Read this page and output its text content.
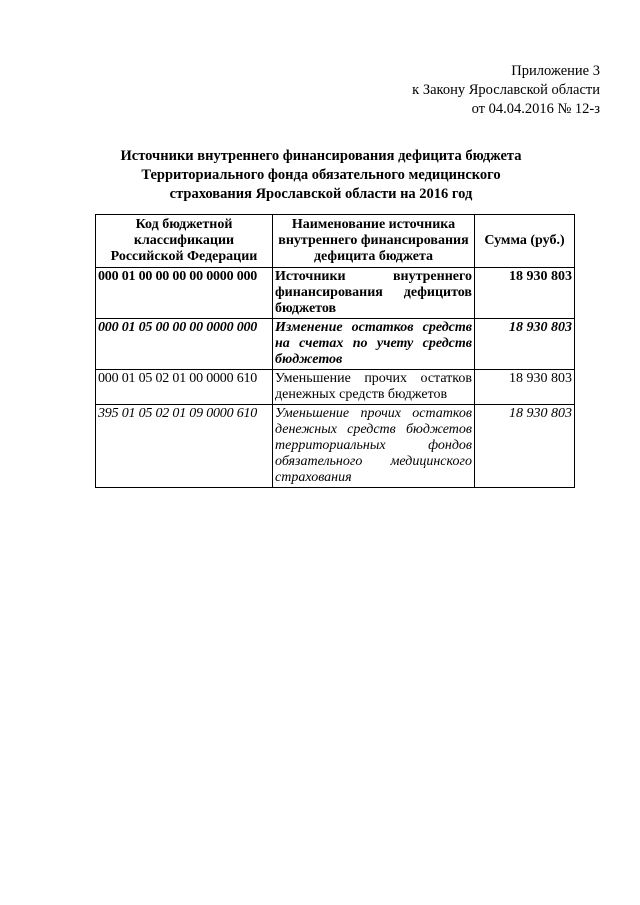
Приложение 3
к Закону Ярославской области
от 04.04.2016 № 12-з
Источники внутреннего финансирования дефицита бюджета
Территориального фонда обязательного медицинского
страхования Ярославской области на 2016 год
Код бюджетной классификации Российской Федерации	Наименование источника внутреннего финансирования дефицита бюджета	Сумма (руб.)
000 01 00 00 00 00 0000 000	Источники внутреннего финансирования дефицитов бюджетов	18 930 803
000 01 05 00 00 00 0000 000	Изменение остатков средств на счетах по учету средств бюджетов	18 930 803
000 01 05 02 01 00 0000 610	Уменьшение прочих остатков денежных средств бюджетов	18 930 803
395 01 05 02 01 09 0000 610	Уменьшение прочих остатков денежных средств бюджетов территориальных фондов обязательного медицинского страхования	18 930 803
